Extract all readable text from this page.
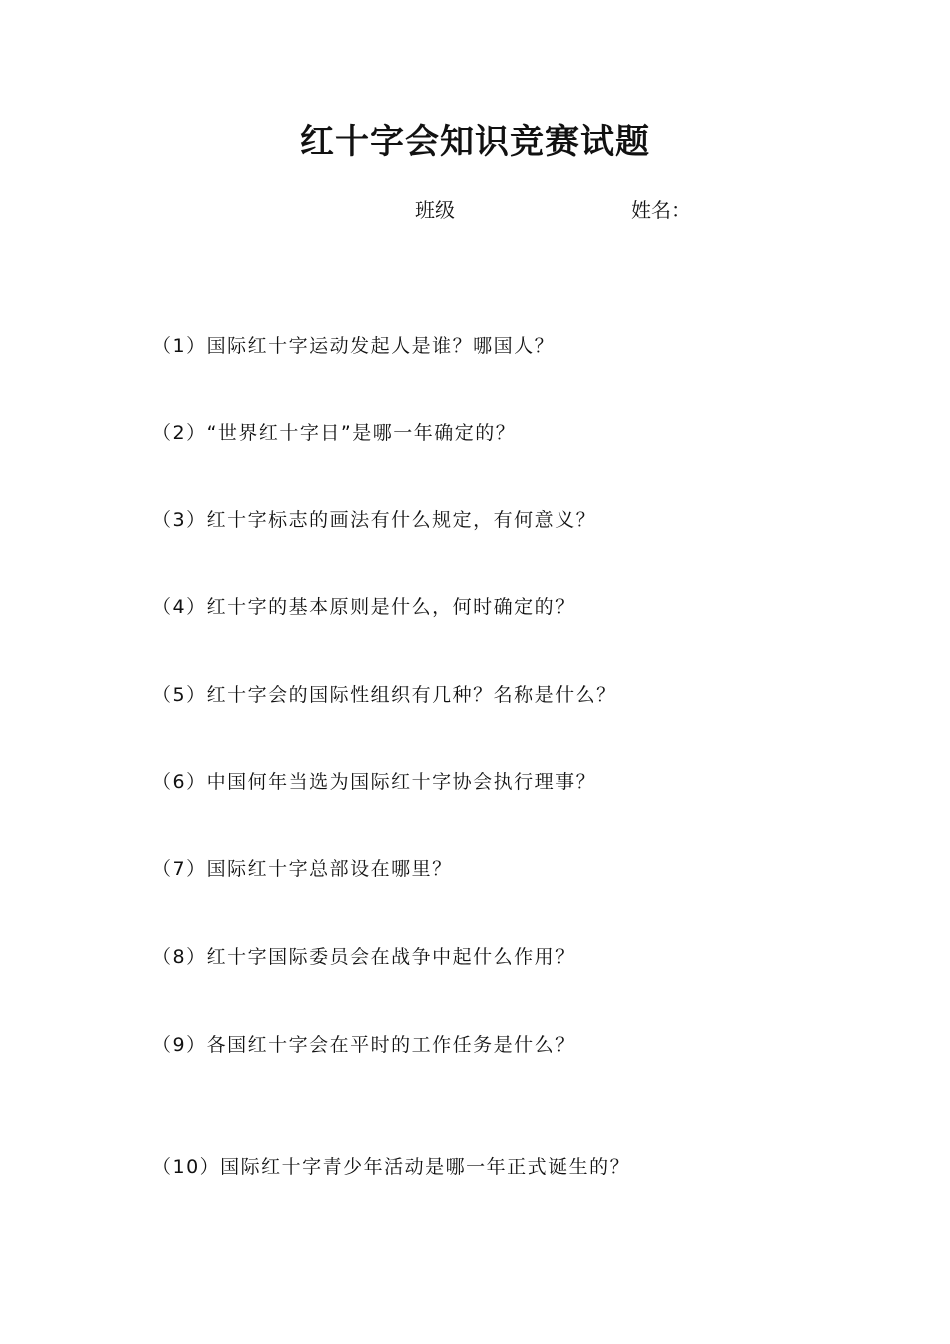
红十字会知识竞赛试题
班级	姓名：
（1）国际红十字运动发起人是谁？哪国人？
（2）“世界红十字日”是哪一年确定的？
（3）红十字标志的画法有什么规定，有何意义？
（4）红十字的基本原则是什么，何时确定的？
（5）红十字会的国际性组织有几种？名称是什么？
（6）中国何年当选为国际红十字协会执行理事？
（7）国际红十字总部设在哪里？
（8）红十字国际委员会在战争中起什么作用？
（9）各国红十字会在平时的工作任务是什么？
（10）国际红十字青少年活动是哪一年正式诞生的？
